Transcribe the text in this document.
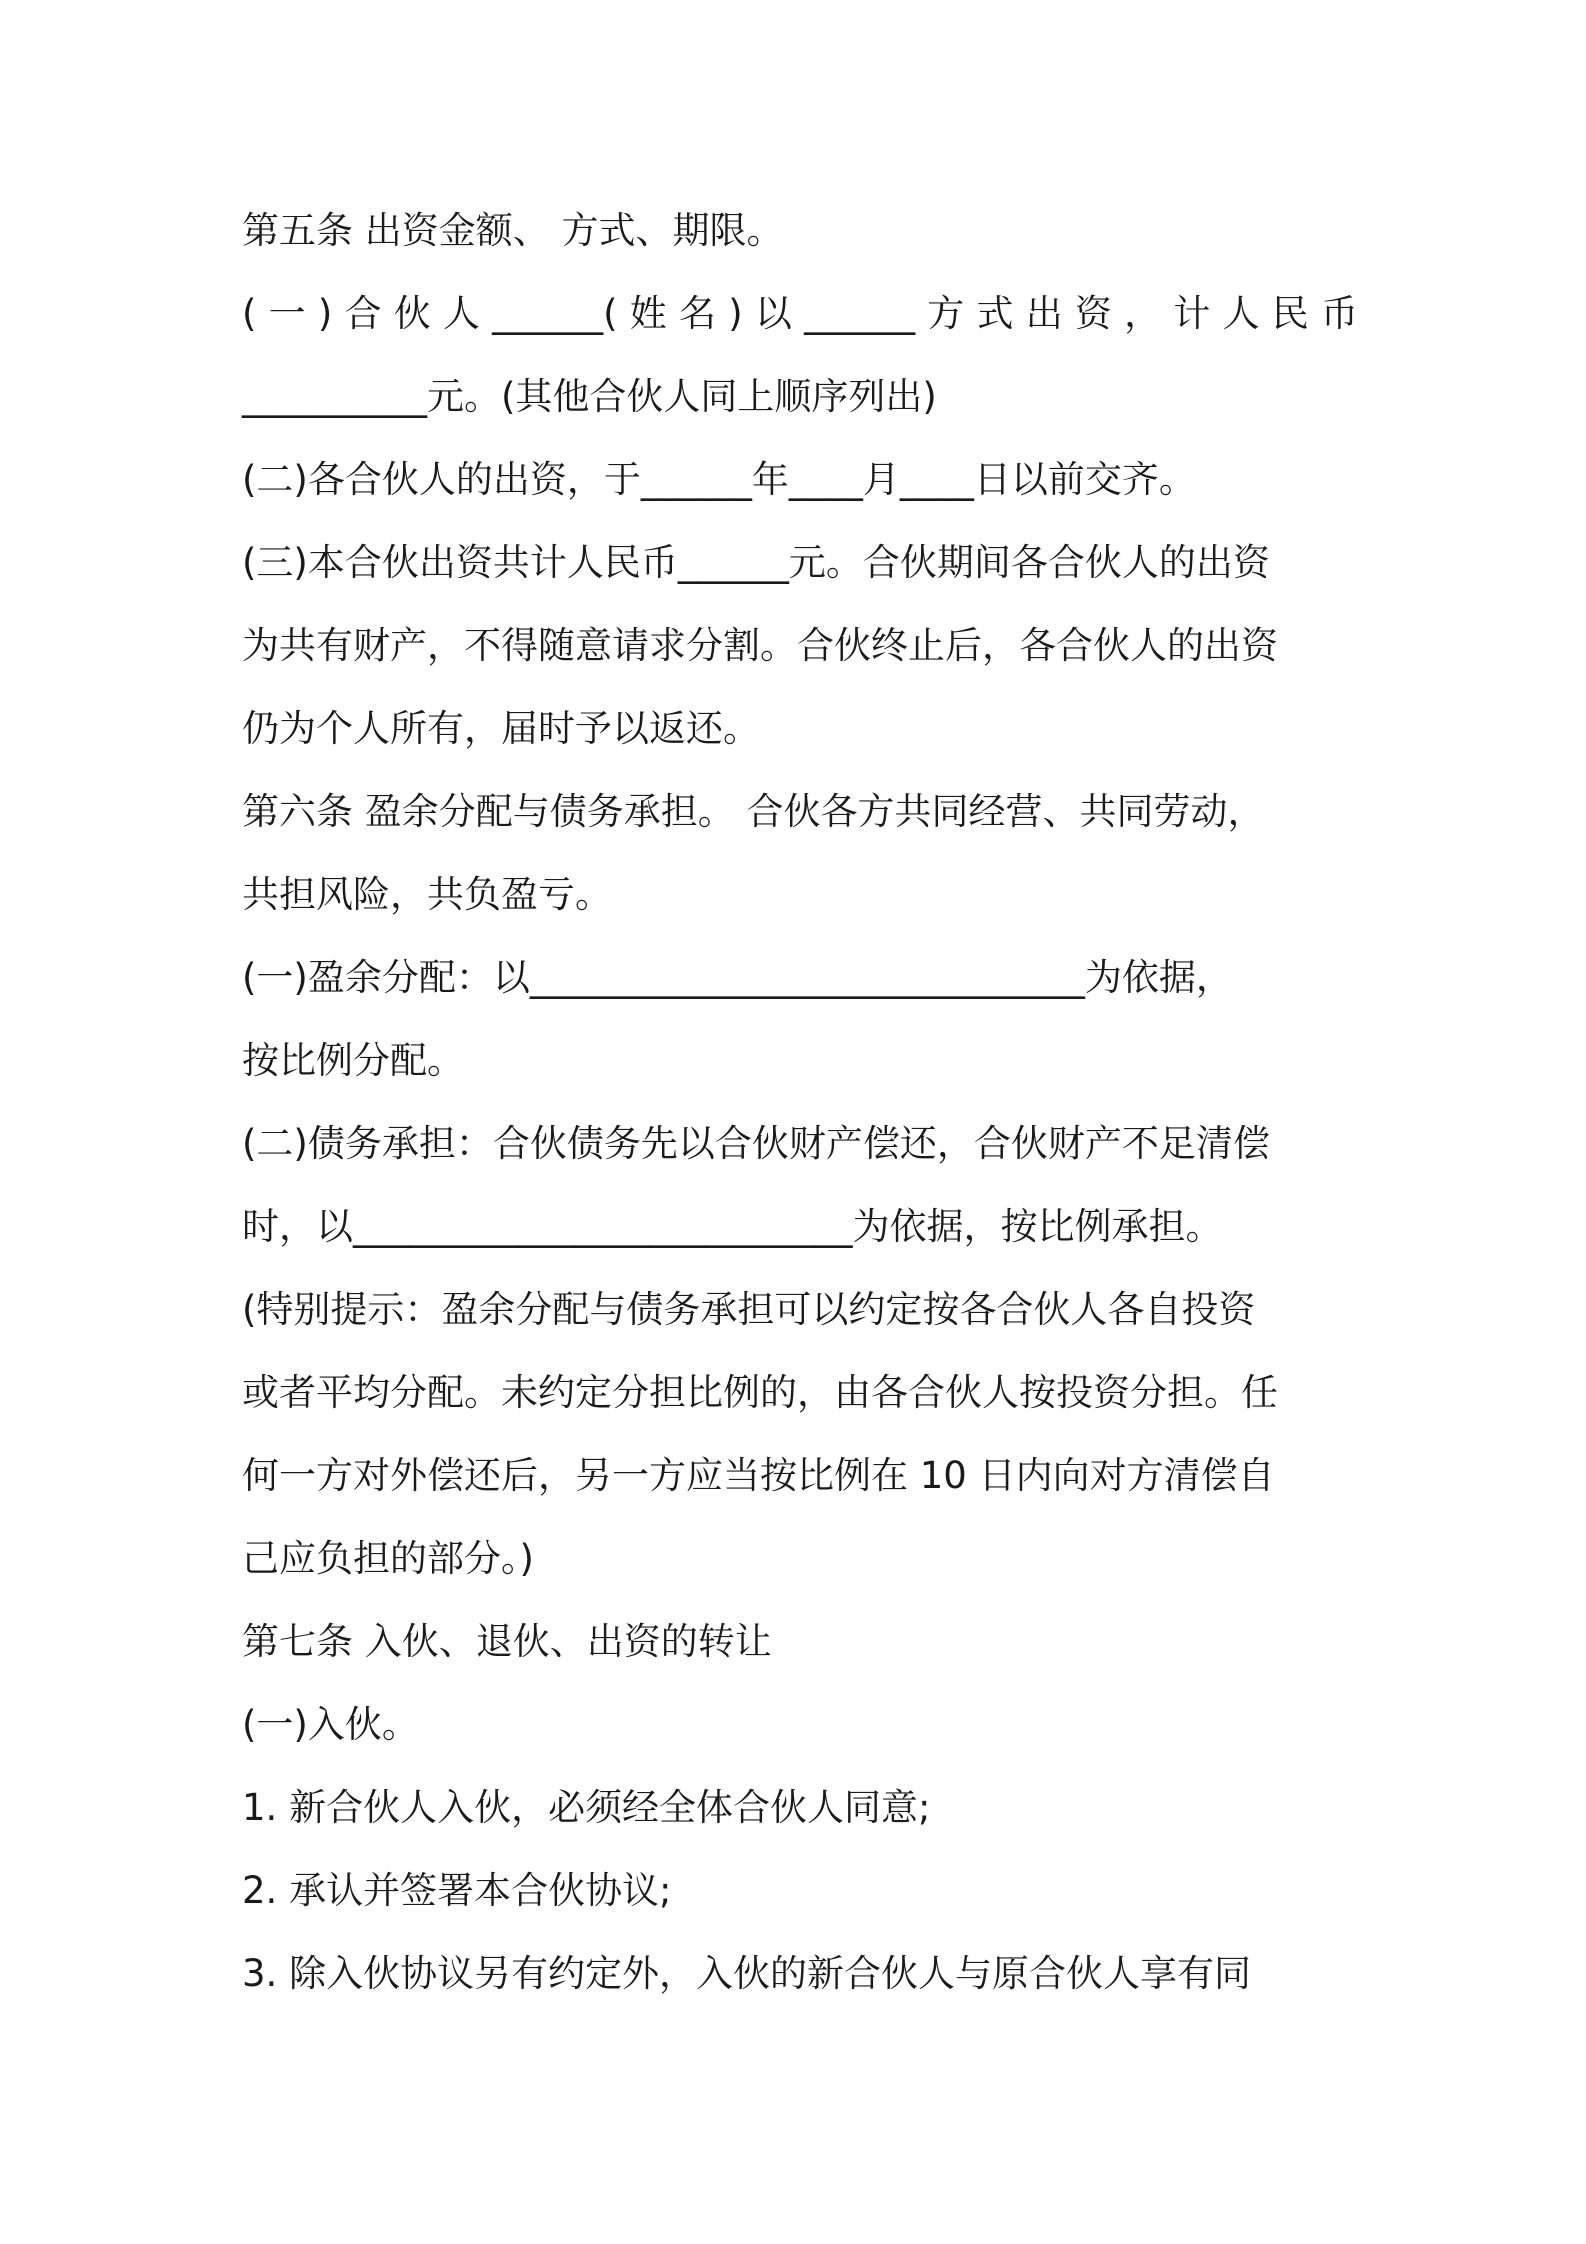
第五条 出资金额、 方式、期限。
(一)合伙人______(姓名)以______方式出资，计人民币
__________元。(其他合伙人同上顺序列出)
(二)各合伙人的出资，于______年____月____日以前交齐。
(三)本合伙出资共计人民币______元。合伙期间各合伙人的出资
为共有财产，不得随意请求分割。合伙终止后，各合伙人的出资
仍为个人所有，届时予以返还。
第六条 盈余分配与债务承担。 合伙各方共同经营、共同劳动，
共担风险，共负盈亏。
(一)盈余分配：以______________________________为依据，
按比例分配。
(二)债务承担：合伙债务先以合伙财产偿还，合伙财产不足清偿
时，以___________________________为依据，按比例承担。
(特别提示：盈余分配与债务承担可以约定按各合伙人各自投资
或者平均分配。未约定分担比例的，由各合伙人按投资分担。任
何一方对外偿还后，另一方应当按比例在 10 日内向对方清偿自
己应负担的部分。)
第七条 入伙、退伙、出资的转让
(一)入伙。
1. 新合伙人入伙，必须经全体合伙人同意;
2. 承认并签署本合伙协议;
3. 除入伙协议另有约定外，入伙的新合伙人与原合伙人享有同
